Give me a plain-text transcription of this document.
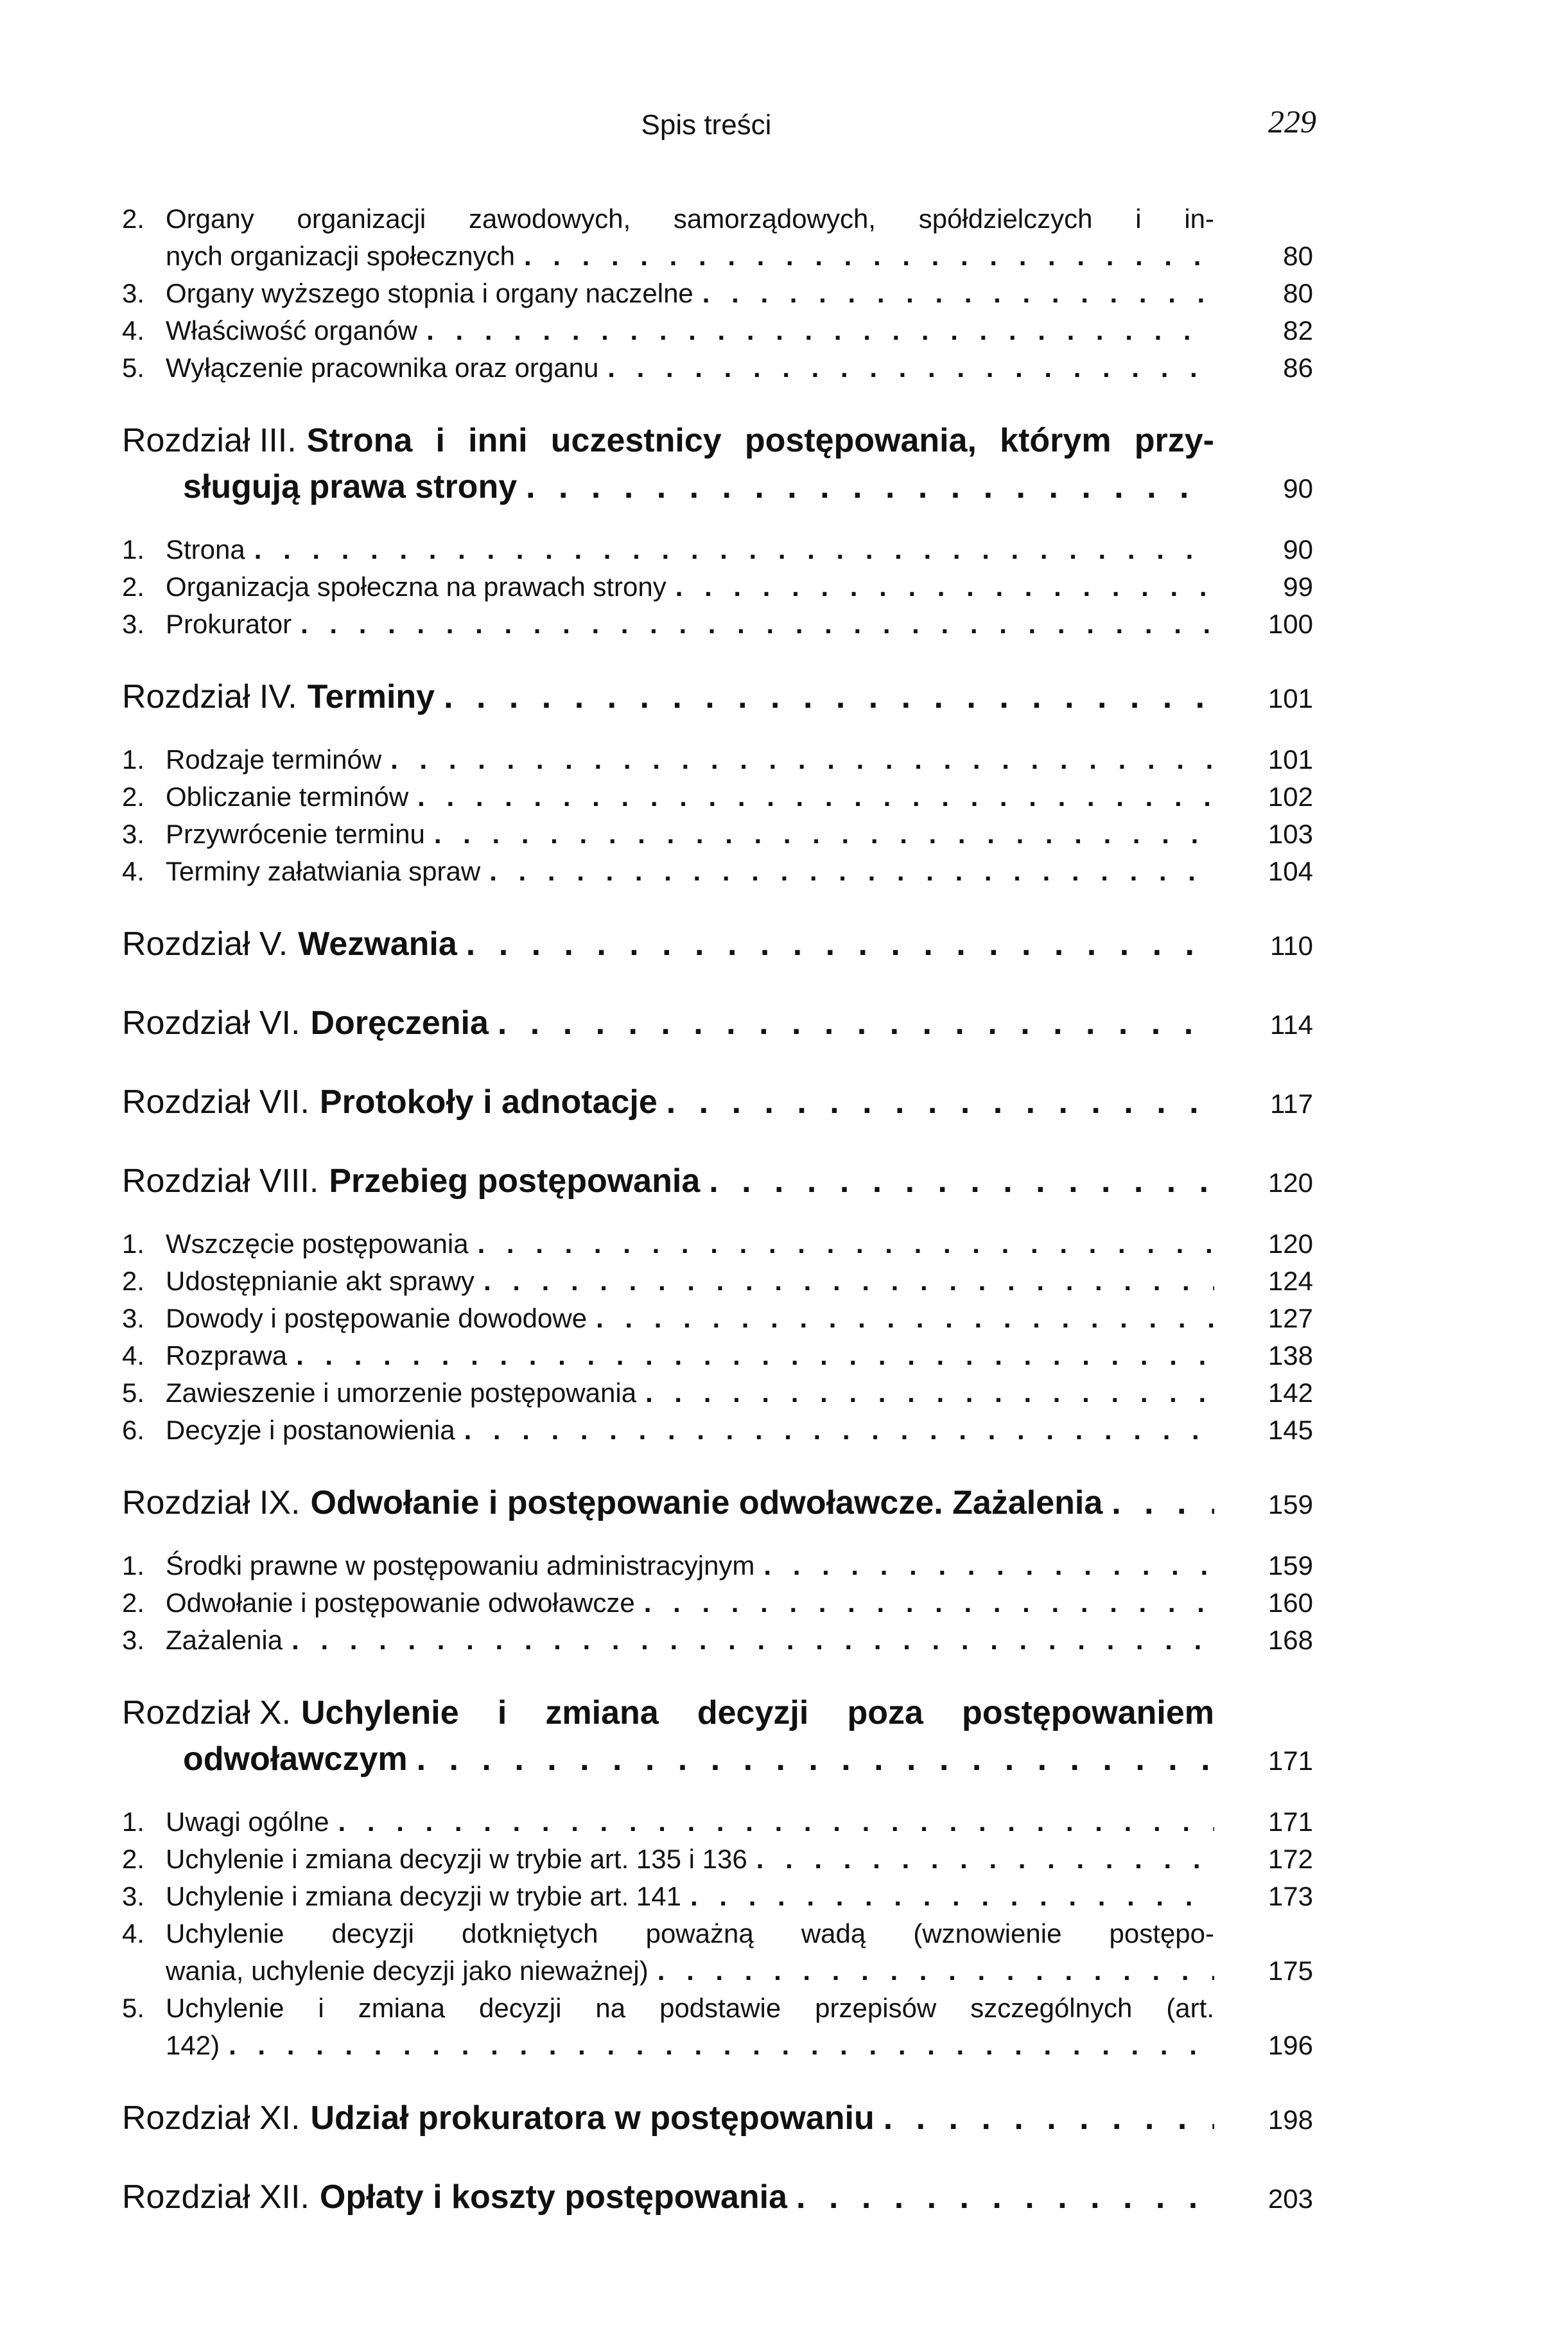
Spis treści	229
2. Organy organizacji zawodowych, samorządowych, spółdzielczych i in-
nych organizacji społecznych . . .	80
3. Organy wyższego stopnia i organy naczelne . . .	80
4. Właściwość organów . . .	82
5. Wyłączenie pracownika oraz organu . . .	86
Rozdział III. Strona i inni uczestnicy postępowania, którym przy-
sługują prawa strony . . .	90
1. Strona . . .	90
2. Organizacja społeczna na prawach strony . . .	99
3. Prokurator . . .	100
Rozdział IV. Terminy . . .	101
1. Rodzaje terminów . . .	101
2. Obliczanie terminów . . .	102
3. Przywrócenie terminu . . .	103
4. Terminy załatwiania spraw . . .	104
Rozdział V. Wezwania . . .	110
Rozdział VI. Doręczenia . . .	114
Rozdział VII. Protokoły i adnotacje . . .	117
Rozdział VIII. Przebieg postępowania . . .	120
1. Wszczęcie postępowania . . .	120
2. Udostępnianie akt sprawy . . .	124
3. Dowody i postępowanie dowodowe . . .	127
4. Rozprawa . . .	138
5. Zawieszenie i umorzenie postępowania . . .	142
6. Decyzje i postanowienia . . .	145
Rozdział IX. Odwołanie i postępowanie odwoławcze. Zażalenia . . .	159
1. Środki prawne w postępowaniu administracyjnym . . .	159
2. Odwołanie i postępowanie odwoławcze . . .	160
3. Zażalenia . . .	168
Rozdział X. Uchylenie i zmiana decyzji poza postępowaniem
odwoławczym . . .	171
1. Uwagi ogólne . . .	171
2. Uchylenie i zmiana decyzji w trybie art. 135 i 136 . . .	172
3. Uchylenie i zmiana decyzji w trybie art. 141 . . .	173
4. Uchylenie decyzji dotkniętych poważną wadą (wznowienie postępo-
wania, uchylenie decyzji jako nieważnej) . . .	175
5. Uchylenie i zmiana decyzji na podstawie przepisów szczególnych (art.
142) . . .	196
Rozdział XI. Udział prokuratora w postępowaniu . . .	198
Rozdział XII. Opłaty i koszty postępowania . . .	203
